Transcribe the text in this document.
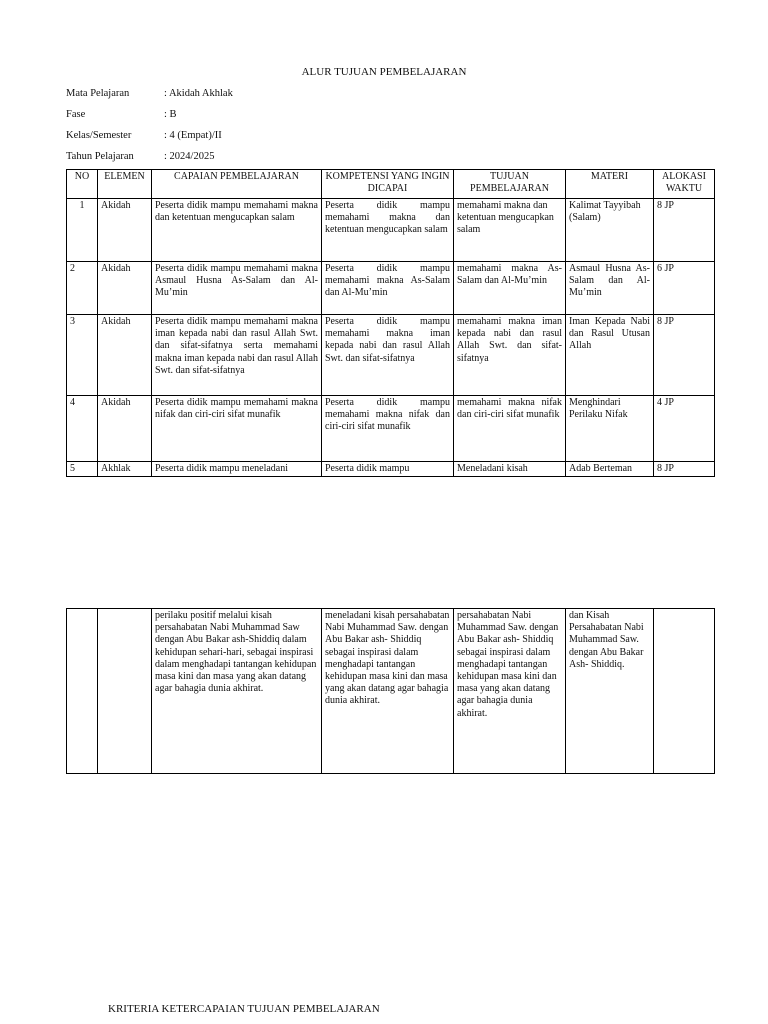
ALUR TUJUAN PEMBELAJARAN
Mata Pelajaran	: Akidah Akhlak
Fase	: B
Kelas/Semester	: 4 (Empat)/II
Tahun Pelajaran	: 2024/2025
NO	ELEMEN	CAPAIAN PEMBELAJARAN	KOMPETENSI YANG INGIN DICAPAI	TUJUAN PEMBELAJARAN	MATERI	ALOKASI WAKTU
1	Akidah	Peserta didik mampu memahami makna dan ketentuan mengucapkan salam	Peserta didik mampu memahami makna dan ketentuan mengucapkan salam	memahami makna dan ketentuan mengucapkan salam	Kalimat Tayyibah (Salam)	8 JP
2	Akidah	Peserta didik mampu memahami makna Asmaul Husna As-Salam dan Al-Mu’min	Peserta didik mampu memahami makna As-Salam dan Al-Mu’min	memahami makna As-Salam dan Al-Mu’min	Asmaul Husna As-Salam dan Al-Mu’min	6 JP
3	Akidah	Peserta didik mampu memahami makna iman kepada nabi dan rasul Allah Swt. dan sifat-sifatnya serta memahami makna iman kepada nabi dan rasul Allah Swt. dan sifat-sifatnya	Peserta didik mampu memahami makna iman kepada nabi dan rasul Allah Swt. dan sifat-sifatnya	memahami makna iman kepada nabi dan rasul Allah Swt. dan sifat-sifatnya	Iman Kepada Nabi dan Rasul Utusan Allah	8 JP
4	Akidah	Peserta didik mampu memahami makna nifak dan ciri-ciri sifat munafik	Peserta didik mampu memahami makna nifak dan ciri-ciri sifat munafik	memahami makna nifak dan ciri-ciri sifat munafik	Menghindari Perilaku Nifak	4 JP
5	Akhlak	Peserta didik mampu meneladani	Peserta didik mampu	Meneladani kisah	Adab Berteman	8 JP
		perilaku positif melalui kisah persahabatan Nabi Muhammad Saw dengan Abu Bakar ash-Shiddiq dalam kehidupan sehari-hari, sebagai inspirasi dalam menghadapi tantangan kehidupan masa kini dan masa yang akan datang agar bahagia dunia akhirat.	meneladani kisah persahabatan Nabi Muhammad Saw. dengan Abu Bakar ash- Shiddiq sebagai inspirasi dalam menghadapi tantangan kehidupan masa kini dan masa yang akan datang agar bahagia dunia akhirat.	persahabatan Nabi Muhammad Saw. dengan Abu Bakar ash- Shiddiq sebagai inspirasi dalam menghadapi tantangan kehidupan masa kini dan masa yang akan datang agar bahagia dunia akhirat.	dan Kisah Persahabatan Nabi Muhammad Saw. dengan Abu Bakar Ash- Shiddiq.	
KRITERIA KETERCAPAIAN TUJUAN PEMBELAJARAN
